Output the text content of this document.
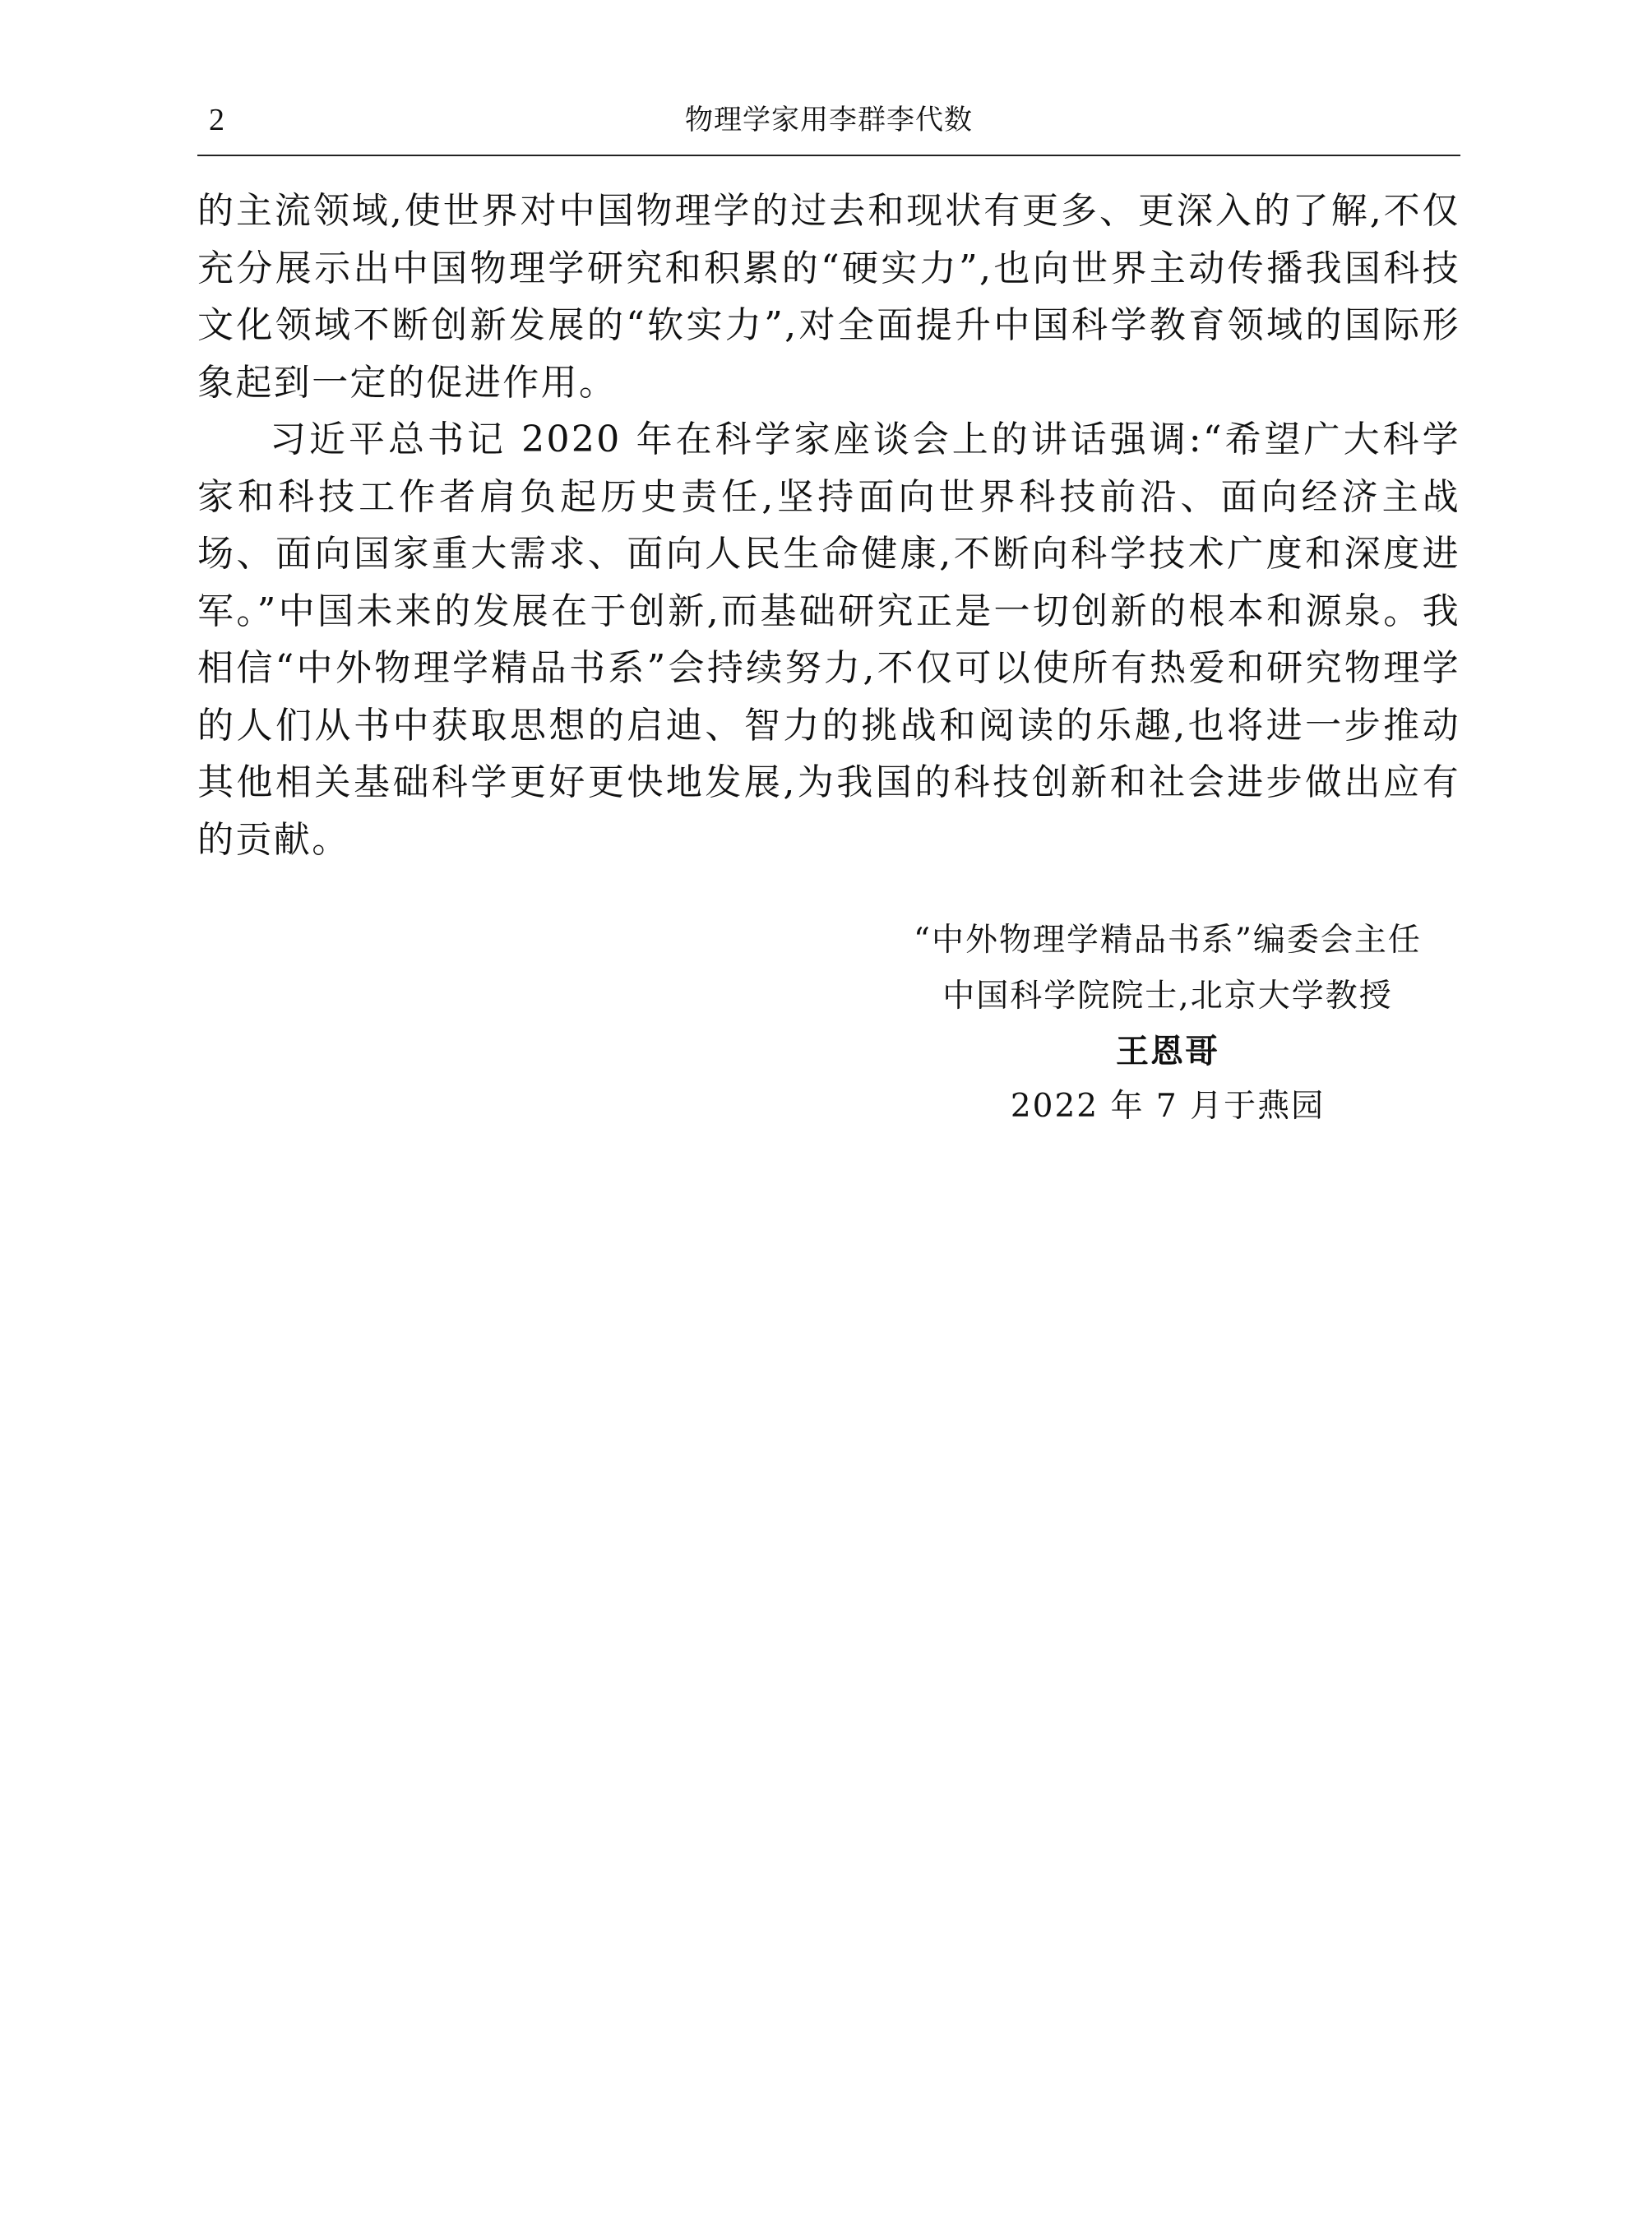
2	物理学家用李群李代数

的主流领域,使世界对中国物理学的过去和现状有更多、更深入的了解,不仅充分展示出中国物理学研究和积累的“硬实力”,也向世界主动传播我国科技文化领域不断创新发展的“软实力”,对全面提升中国科学教育领域的国际形象起到一定的促进作用。

习近平总书记 2020 年在科学家座谈会上的讲话强调:“希望广大科学家和科技工作者肩负起历史责任,坚持面向世界科技前沿、面向经济主战场、面向国家重大需求、面向人民生命健康,不断向科学技术广度和深度进军。”中国未来的发展在于创新,而基础研究正是一切创新的根本和源泉。我相信“中外物理学精品书系”会持续努力,不仅可以使所有热爱和研究物理学的人们从书中获取思想的启迪、智力的挑战和阅读的乐趣,也将进一步推动其他相关基础科学更好更快地发展,为我国的科技创新和社会进步做出应有的贡献。

“中外物理学精品书系”编委会主任
中国科学院院士,北京大学教授
王恩哥
2022 年 7 月于燕园
